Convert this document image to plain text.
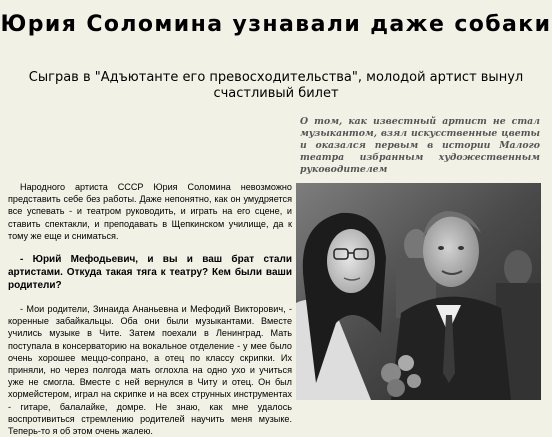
Юрия Соломина узнавали даже собаки
Сыграв в "Адъютанте его превосходительства", молодой артист вынул счастливый билет

О том, как известный артист не стал музыкантом, взял искусственные цветы и оказался первым в истории Малого театра избранным художественным руководителем

Народного артиста СССР Юрия Соломина невозможно представить себе без работы. Даже непонятно, как он умудряется все успевать - и театром руководить, и играть на его сцене, и ставить спектакли, и преподавать в Щепкинском училище, да к тому же еще и сниматься.

- Юрий Мефодьевич, и вы и ваш брат стали артистами. Откуда такая тяга к театру? Кем были ваши родители?

- Мои родители, Зинаида Ананьевна и Мефодий Викторович, - коренные забайкальцы. Оба они были музыкантами. Вместе учились музыке в Чите. Затем поехали в Ленинград. Мать поступала в консерваторию на вокальное отделение - у мее было очень хорошее меццо-сопрано, а отец по классу скрипки. Их приняли, но через полгода мать оглохла на одно ухо и учиться уже не смогла. Вместе с ней вернулся в Читу и отец. Он был хормейстером, играл на скрипке и на всех струнных инструментах - гитаре, балалайке, домре. Не знаю, как мне удалось воспротивиться стремлению родителей научить меня музыке. Теперь-то я об этом очень жалею.
